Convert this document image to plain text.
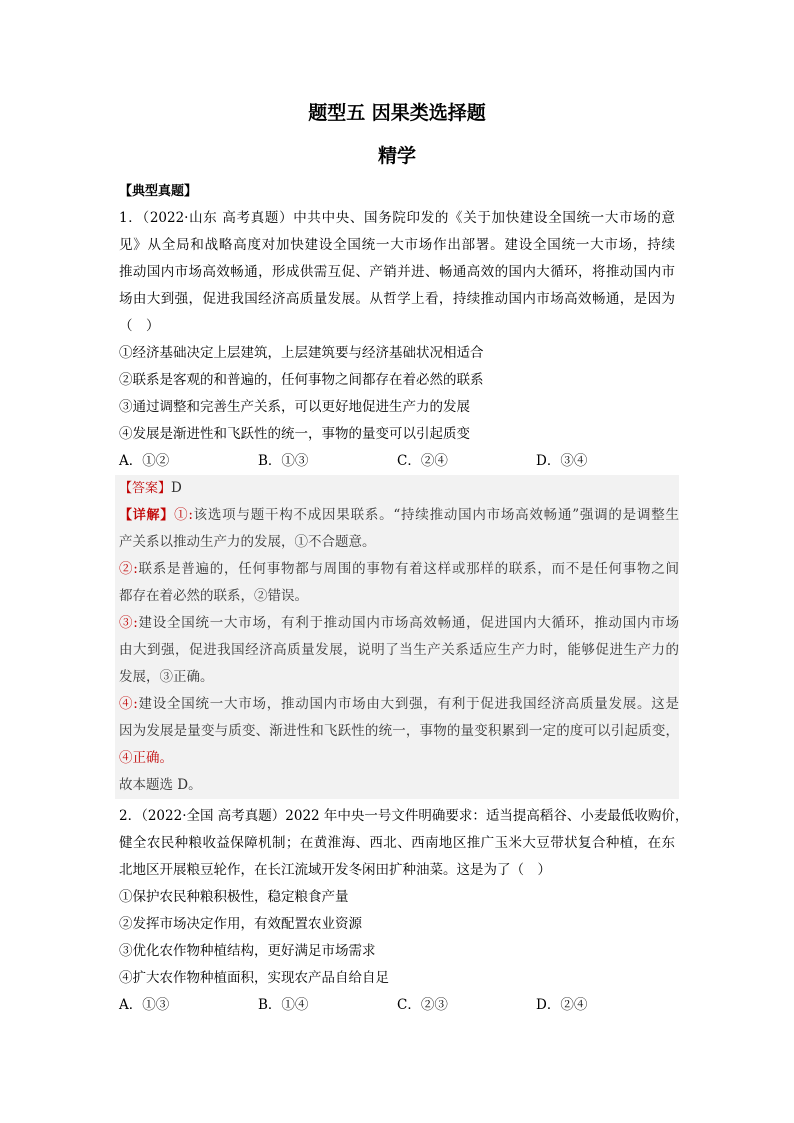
题型五 因果类选择题
精学
【典型真题】
1．（2022·山东 高考真题）中共中央、国务院印发的《关于加快建设全国统一大市场的意
见》从全局和战略高度对加快建设全国统一大市场作出部署。建设全国统一大市场，持续
推动国内市场高效畅通，形成供需互促、产销并进、畅通高效的国内大循环，将推动国内市
场由大到强，促进我国经济高质量发展。从哲学上看，持续推动国内市场高效畅通，是因为
（　）
①经济基础决定上层建筑，上层建筑要与经济基础状况相适合
②联系是客观的和普遍的，任何事物之间都存在着必然的联系
③通过调整和完善生产关系，可以更好地促进生产力的发展
④发展是渐进性和飞跃性的统一，事物的量变可以引起质变
A．①②	B．①③	C．②④	D．③④
【答案】D
【详解】①:该选项与题干构不成因果联系。“持续推动国内市场高效畅通”强调的是调整生
产关系以推动生产力的发展，①不合题意。
②:联系是普遍的，任何事物都与周围的事物有着这样或那样的联系，而不是任何事物之间
都存在着必然的联系，②错误。
③:建设全国统一大市场，有利于推动国内市场高效畅通，促进国内大循环，推动国内市场
由大到强，促进我国经济高质量发展，说明了当生产关系适应生产力时，能够促进生产力的
发展，③正确。
④:建设全国统一大市场，推动国内市场由大到强，有利于促进我国经济高质量发展。这是
因为发展是量变与质变、渐进性和飞跃性的统一，事物的量变积累到一定的度可以引起质变，
④正确。
故本题选 D。
2．（2022·全国 高考真题）2022 年中央一号文件明确要求：适当提高稻谷、小麦最低收购价，
健全农民种粮收益保障机制；在黄淮海、西北、西南地区推广玉米大豆带状复合种植，在东
北地区开展粮豆轮作，在长江流域开发冬闲田扩种油菜。这是为了（　）
①保护农民种粮积极性，稳定粮食产量
②发挥市场决定作用，有效配置农业资源
③优化农作物种植结构，更好满足市场需求
④扩大农作物种植面积，实现农产品自给自足
A．①③	B．①④	C．②③	D．②④
